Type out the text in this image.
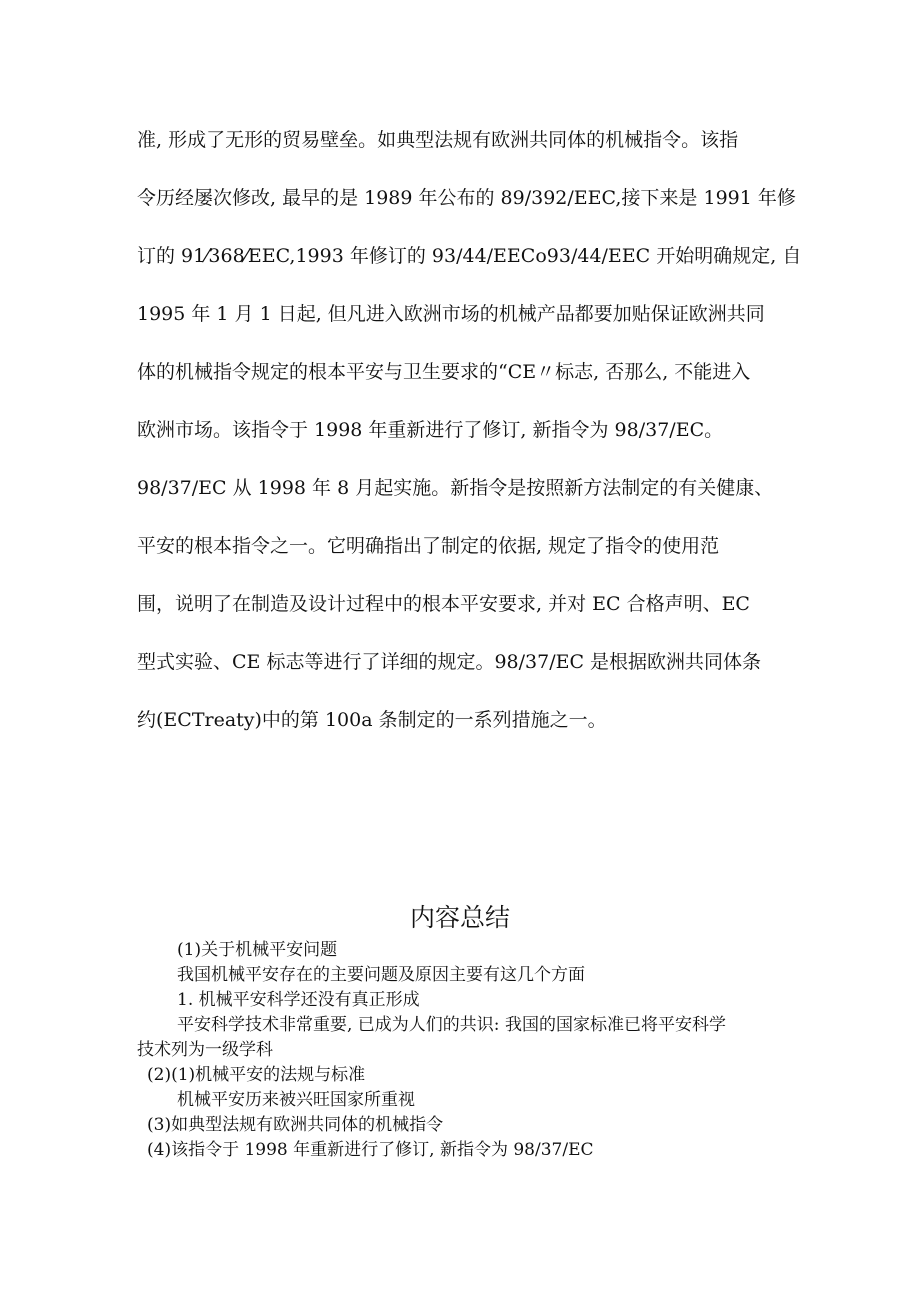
准, 形成了无形的贸易壁垒。如典型法规有欧洲共同体的机械指令。该指
令历经屡次修改, 最早的是 1989 年公布的 89/392/EEC,接下来是 1991 年修
订的 91⁄368⁄EEC,1993 年修订的 93/44/EECo93/44/EEC 开始明确规定, 自
1995 年 1 月 1 日起, 但凡进入欧洲市场的机械产品都要加贴保证欧洲共同
体的机械指令规定的根本平安与卫生要求的“CE〃标志, 否那么, 不能进入
欧洲市场。该指令于 1998 年重新进行了修订, 新指令为 98/37/EC。
98/37/EC 从 1998 年 8 月起实施。新指令是按照新方法制定的有关健康、
平安的根本指令之一。它明确指出了制定的依据, 规定了指令的使用范
围，说明了在制造及设计过程中的根本平安要求, 并对 EC 合格声明、EC
型式实验、CE 标志等进行了详细的规定。98/37/EC 是根据欧洲共同体条
约(ECTreaty)中的第 100a 条制定的一系列措施之一。
内容总结
(1)关于机械平安问题
我国机械平安存在的主要问题及原因主要有这几个方面
1. 机械平安科学还没有真正形成
平安科学技术非常重要, 已成为人们的共识: 我国的国家标准已将平安科学
技术列为一级学科
(2)(1)机械平安的法规与标准
机械平安历来被兴旺国家所重视
(3)如典型法规有欧洲共同体的机械指令
(4)该指令于 1998 年重新进行了修订, 新指令为 98/37/EC
